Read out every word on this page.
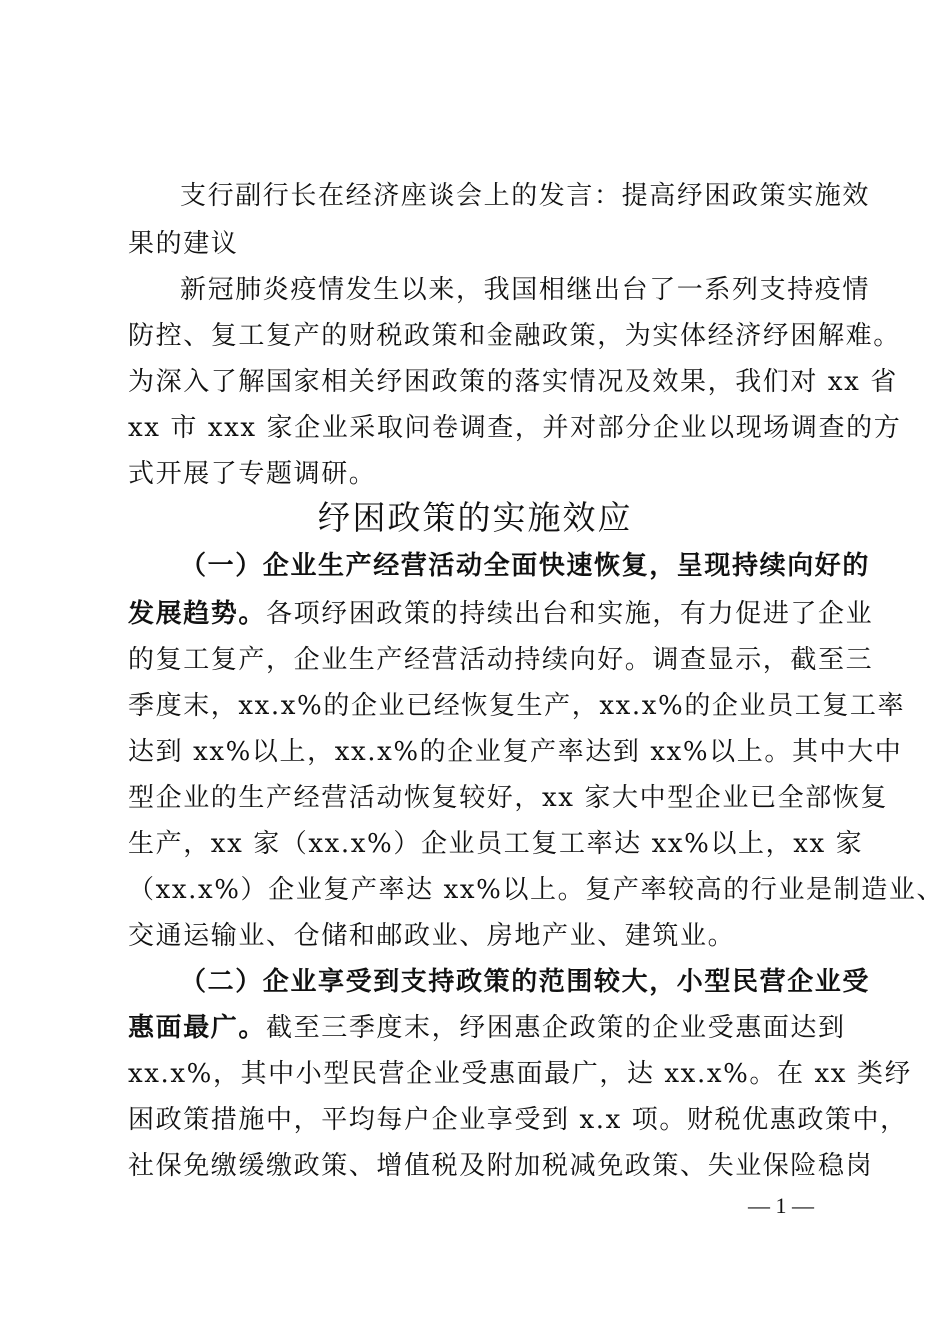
支行副行长在经济座谈会上的发言：提高纾困政策实施效
果的建议
新冠肺炎疫情发生以来，我国相继出台了一系列支持疫情
防控、复工复产的财税政策和金融政策，为实体经济纾困解难。
为深入了解国家相关纾困政策的落实情况及效果，我们对 xx 省
xx 市 xxx 家企业采取问卷调查，并对部分企业以现场调查的方
式开展了专题调研。
纾困政策的实施效应
（一）企业生产经营活动全面快速恢复，呈现持续向好的
发展趋势。各项纾困政策的持续出台和实施，有力促进了企业
的复工复产，企业生产经营活动持续向好。调查显示，截至三
季度末，xx.x%的企业已经恢复生产，xx.x%的企业员工复工率
达到 xx%以上，xx.x%的企业复产率达到 xx%以上。其中大中
型企业的生产经营活动恢复较好，xx 家大中型企业已全部恢复
生产，xx 家（xx.x%）企业员工复工率达 xx%以上，xx 家
（xx.x%）企业复产率达 xx%以上。复产率较高的行业是制造业、
交通运输业、仓储和邮政业、房地产业、建筑业。
（二）企业享受到支持政策的范围较大，小型民营企业受
惠面最广。截至三季度末，纾困惠企政策的企业受惠面达到
xx.x%，其中小型民营企业受惠面最广，达 xx.x%。在 xx 类纾
困政策措施中，平均每户企业享受到 x.x 项。财税优惠政策中，
社保免缴缓缴政策、增值税及附加税减免政策、失业保险稳岗
— 1 —
